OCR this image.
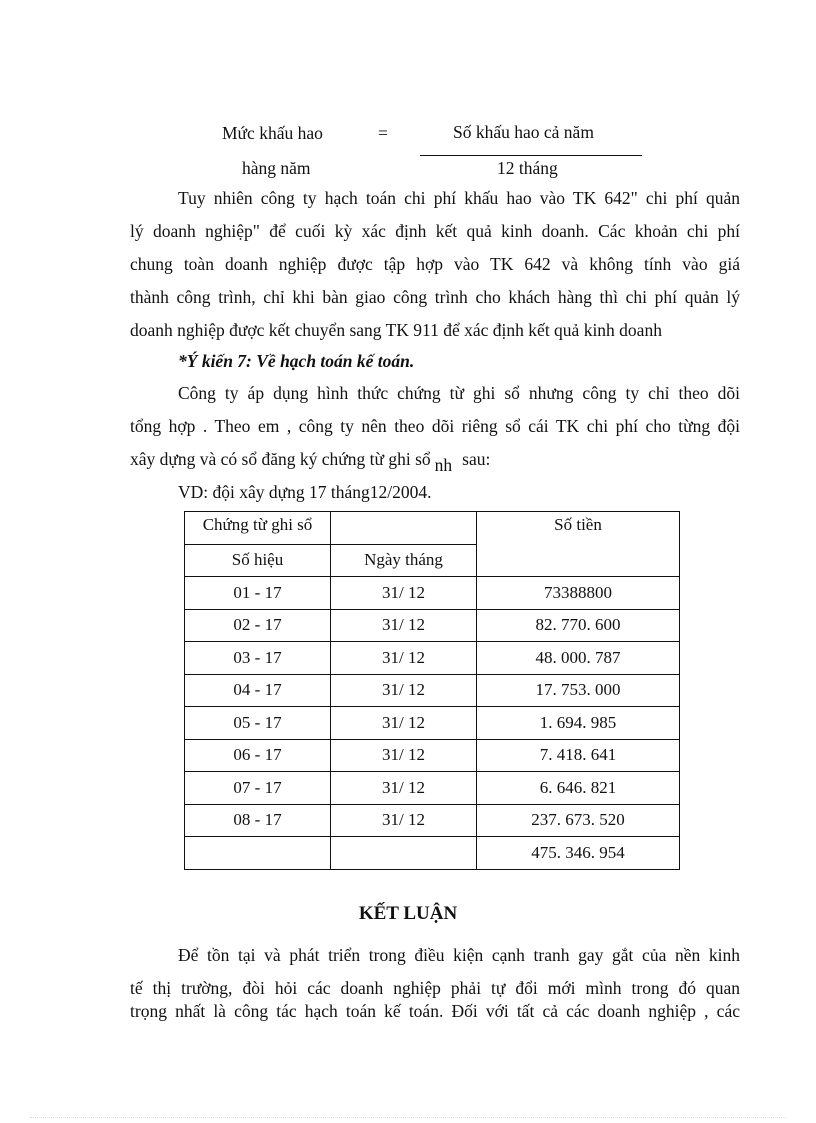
Mức khấu hao
hàng năm
=	Số khấu hao cả năm
12 tháng
Tuy nhiên công ty hạch toán chi phí khấu hao vào TK 642" chi phí quản
lý doanh nghiệp" để cuối kỳ xác định kết quả kinh doanh. Các khoản chi phí
chung toàn doanh nghiệp được tập hợp vào TK 642 và không tính vào giá
thành công trình, chỉ khi bàn giao công trình cho khách hàng thì chi phí quản lý
doanh nghiệp được kết chuyển sang TK 911 để xác định kết quả kinh doanh
*Ý kiến 7: Về hạch toán kế toán.
Công ty áp dụng hình thức chứng từ ghi sổ nhưng công ty chỉ theo dõi
tổng hợp . Theo em , công ty nên theo dõi riêng sổ cái TK chi phí cho từng đội
xây dựng và có sổ đăng ký chứng từ ghi sổ nh sau:
VD: đội xây dựng 17 tháng12/2004.
Chứng từ ghi sổ		Số tiền
Số hiệu	Ngày tháng	
01 - 17	31/ 12	73388800
02 - 17	31/ 12	82. 770. 600
03 - 17	31/ 12	48. 000. 787
04 - 17	31/ 12	17. 753. 000
05 - 17	31/ 12	1. 694. 985
06 - 17	31/ 12	7. 418. 641
07 - 17	31/ 12	6. 646. 821
08 - 17	31/ 12	237. 673. 520
		475. 346. 954
KẾT LUẬN
Để tồn tại và phát triển trong điều kiện cạnh tranh gay gắt của nền kinh
tế thị trường, đòi hỏi các doanh nghiệp phải tự đổi mới mình trong đó quan
trọng nhất là công tác hạch toán kế toán. Đối với tất cả các doanh nghiệp , các
